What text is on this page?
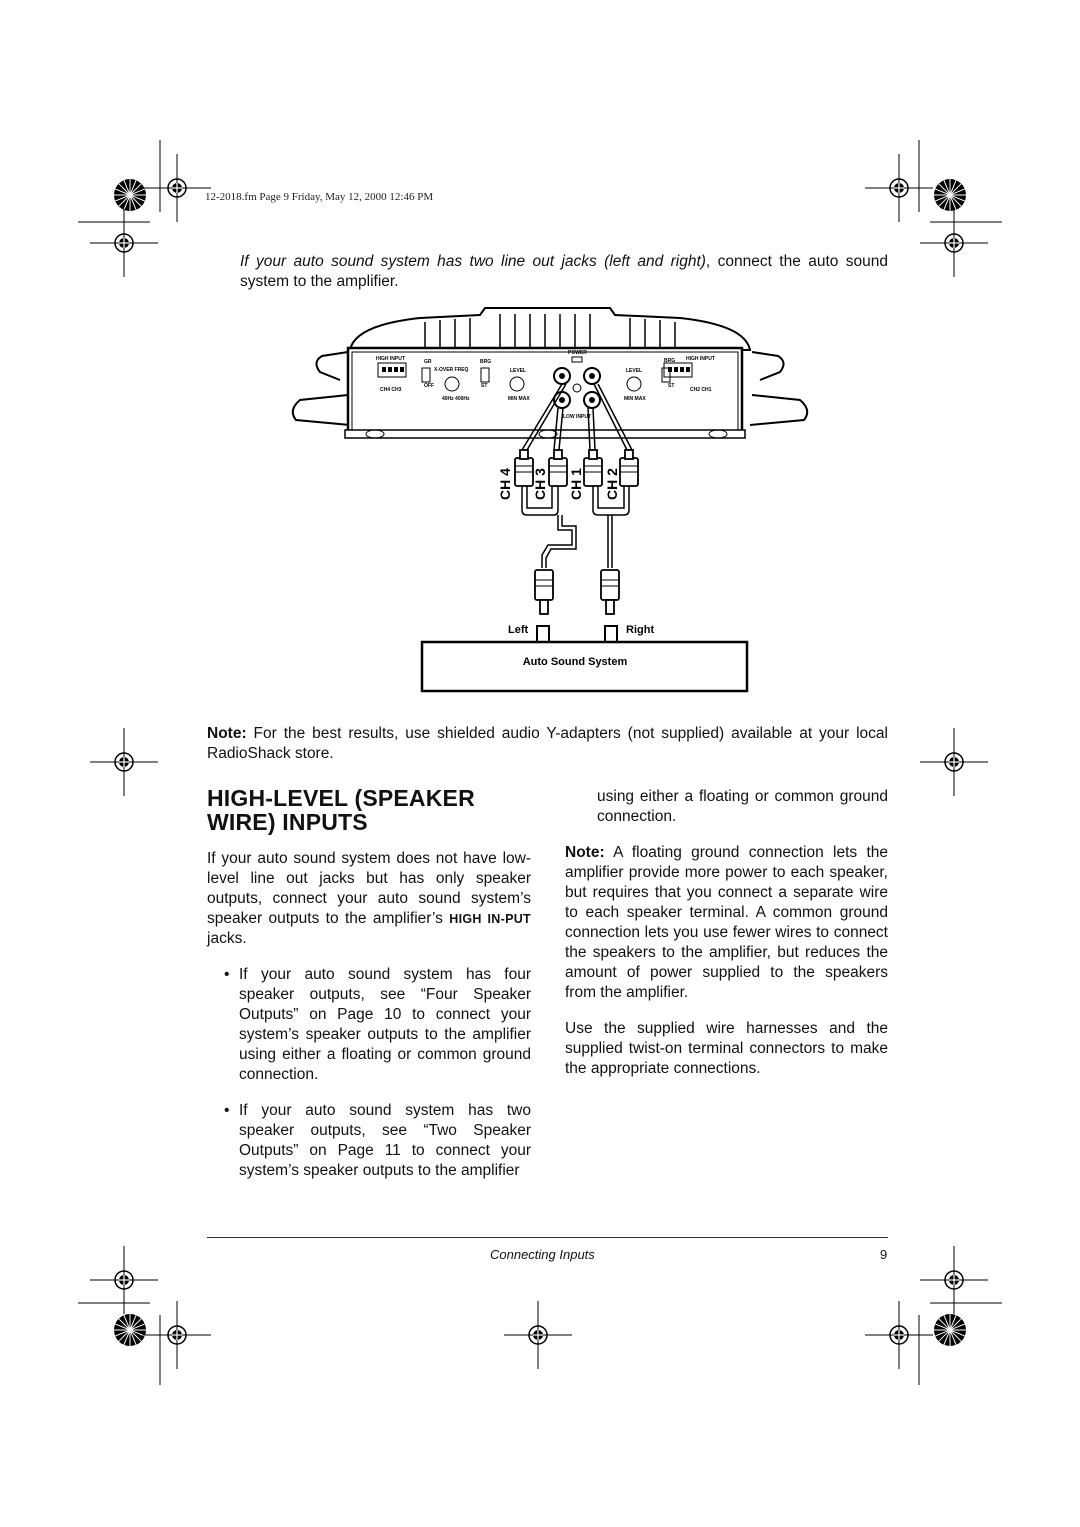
12-2018.fm Page 9 Friday, May 12, 2000 12:46 PM
If your auto sound system has two line out jacks (left and right), connect the auto sound system to the amplifier.
HIGH INPUT	HIGH INPUT
GR	BRG	BRG
X-OVER FREQ
OFF	ST	ST
LEVEL	LEVEL
POWER
LOW INPUT
CH4 CH3	CH2 CH1
MIN MAX	MIN MAX
40Hz 400Hz
CH 4 CH 3 CH 1 CH 2
Left	Right
Auto Sound System
Note: For the best results, use shielded audio Y-adapters (not supplied) available at your local RadioShack store.
HIGH-LEVEL (SPEAKER
WIRE) INPUTS

If your auto sound system does not have low-level line out jacks but has only speaker outputs, connect your auto sound system’s speaker outputs to the amplifier’s HIGH IN-PUT jacks.

• If your auto sound system has four speaker outputs, see “Four Speaker Outputs” on Page 10 to connect your system’s speaker outputs to the amplifier using either a floating or common ground connection.
• If your auto sound system has two speaker outputs, see “Two Speaker Outputs” on Page 11 to connect your system’s speaker outputs to the amplifier

using either a floating or common ground connection.

Note: A floating ground connection lets the amplifier provide more power to each speaker, but requires that you connect a separate wire to each speaker terminal. A common ground connection lets you use fewer wires to connect the speakers to the amplifier, but reduces the amount of power supplied to the speakers from the amplifier.

Use the supplied wire harnesses and the supplied twist-on terminal connectors to make the appropriate connections.

Connecting Inputs	9
